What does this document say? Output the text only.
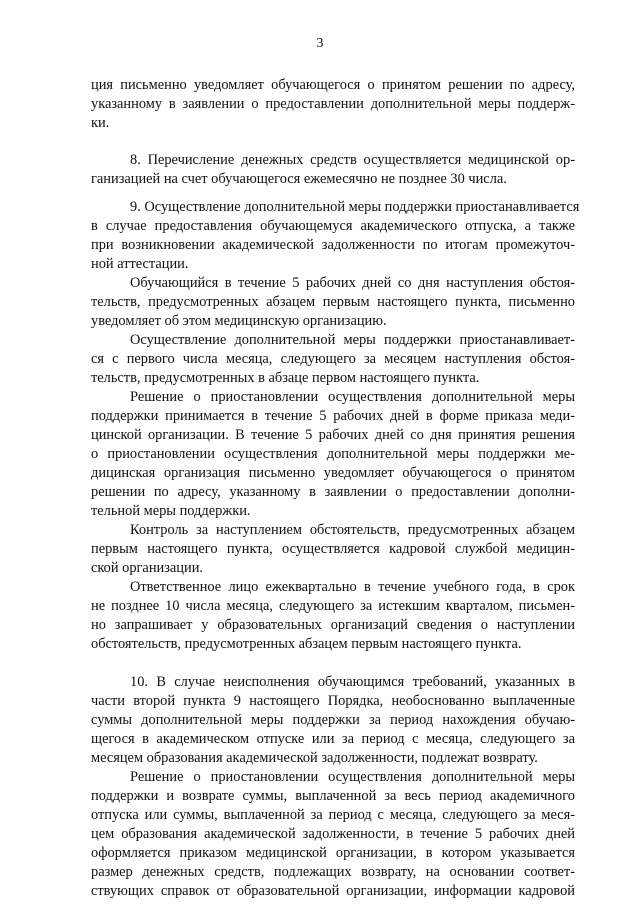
3
ция письменно уведомляет обучающегося о принятом решении по адресу,
указанному в заявлении о предоставлении дополнительной меры поддерж-
ки.
8. Перечисление денежных средств осуществляется медицинской ор-
ганизацией на счет обучающегося ежемесячно не позднее 30 числа.
9. Осуществление дополнительной меры поддержки приостанавливается
в случае предоставления обучающемуся академического отпуска, а также
при возникновении академической задолженности по итогам промежуточ-
ной аттестации.
Обучающийся в течение 5 рабочих дней со дня наступления обстоя-
тельств, предусмотренных абзацем первым настоящего пункта, письменно
уведомляет об этом медицинскую организацию.
Осуществление дополнительной меры поддержки приостанавливает-
ся с первого числа месяца, следующего за месяцем наступления обстоя-
тельств, предусмотренных в абзаце первом настоящего пункта.
Решение о приостановлении осуществления дополнительной меры
поддержки принимается в течение 5 рабочих дней в форме приказа меди-
цинской организации. В течение 5 рабочих дней со дня принятия решения
о приостановлении осуществления дополнительной меры поддержки ме-
дицинская организация письменно уведомляет обучающегося о принятом
решении по адресу, указанному в заявлении о предоставлении дополни-
тельной меры поддержки.
Контроль за наступлением обстоятельств, предусмотренных абзацем
первым настоящего пункта, осуществляется кадровой службой медицин-
ской организации.
Ответственное лицо ежеквартально в течение учебного года, в срок
не позднее 10 числа месяца, следующего за истекшим кварталом, письмен-
но запрашивает у образовательных организаций сведения о наступлении
обстоятельств, предусмотренных абзацем первым настоящего пункта.
10. В случае неисполнения обучающимся требований, указанных в
части второй пункта 9 настоящего Порядка, необоснованно выплаченные
суммы дополнительной меры поддержки за период нахождения обучаю-
щегося в академическом отпуске или за период с месяца, следующего за
месяцем образования академической задолженности, подлежат возврату.
Решение о приостановлении осуществления дополнительной меры
поддержки и возврате суммы, выплаченной за весь период академичного
отпуска или суммы, выплаченной за период с месяца, следующего за меся-
цем образования академической задолженности, в течение 5 рабочих дней
оформляется приказом медицинской организации, в котором указывается
размер денежных средств, подлежащих возврату, на основании соответ-
ствующих справок от образовательной организации, информации кадровой
